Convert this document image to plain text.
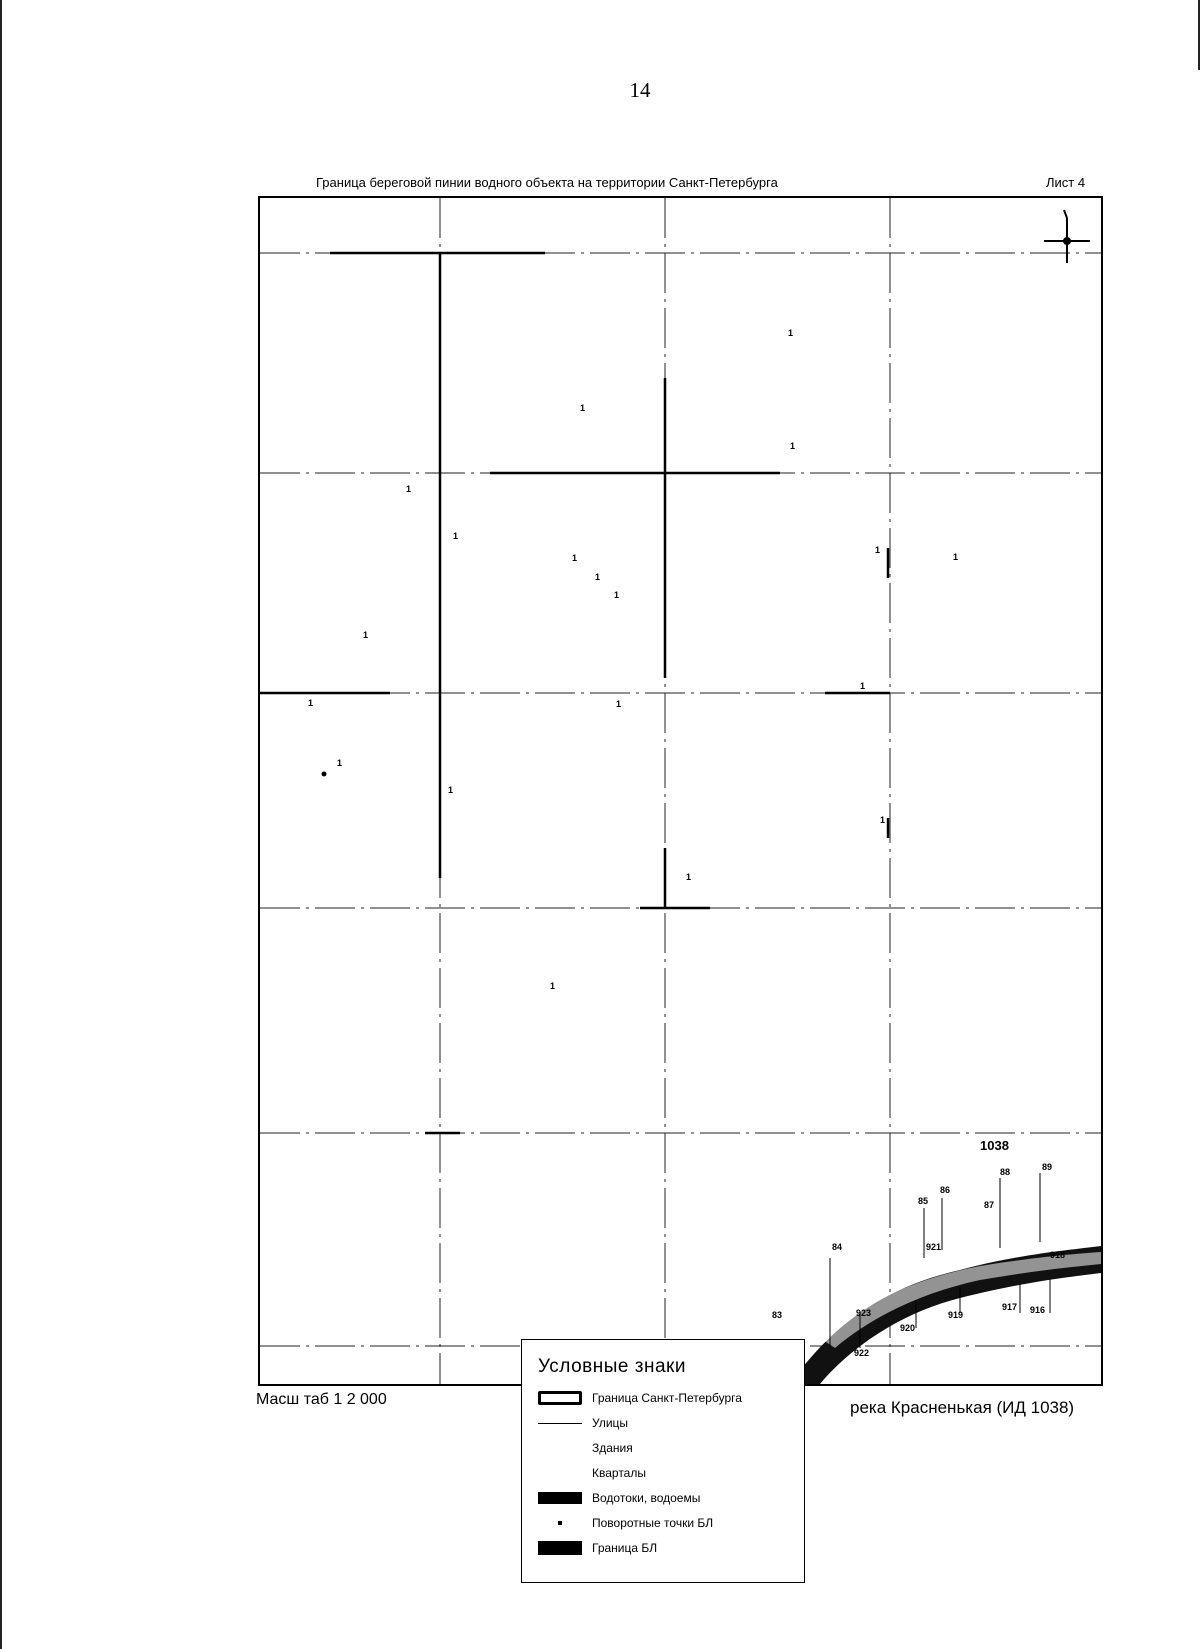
14
Граница береговой пинии водного объекта на территории Санкт-Петербурга	Лист 4
1
1
1
1
1
1
1
1
1
1
1
1
1	1
1
1
1
1
1
1038
83
84
85
86
87
88	89
921
922
923
920
919
917 916
918
Условные знаки
Граница Санкт-Петербурга
Улицы
Здания
Кварталы
Водотоки, водоемы
Поворотные точки БЛ
Граница БЛ
Масш таб 1 2 000	река Красненькая (ИД 1038)
